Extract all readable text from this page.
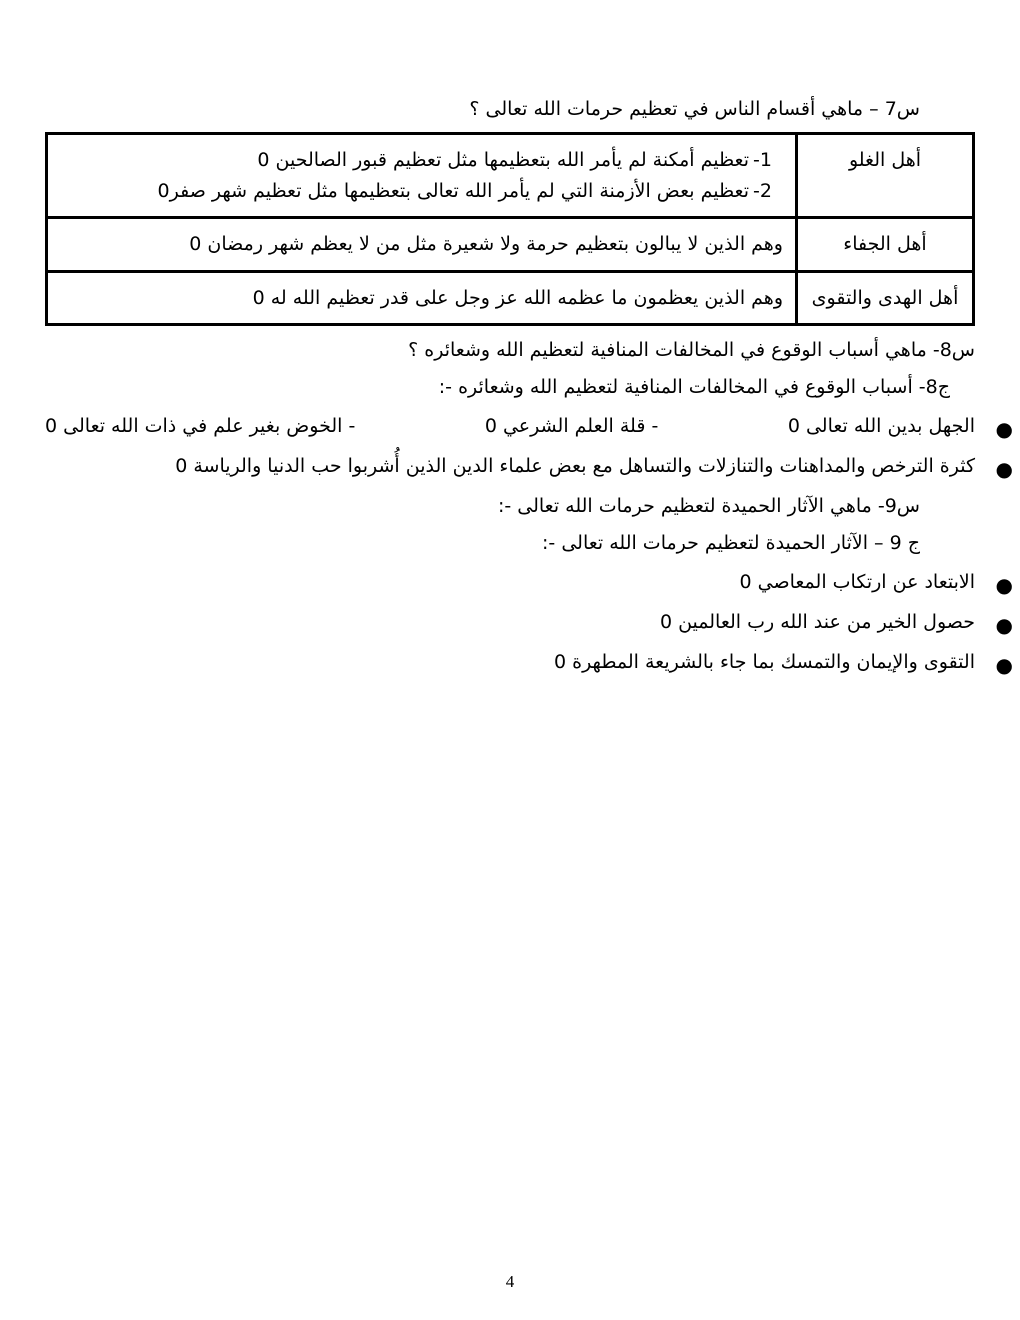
س7 – ماهي أقسام الناس في تعظيم حرمات الله تعالى ؟

أهل الغلو	-1
تعظيم أمكنة لم يأمر الله بتعظيمها مثل تعظيم قبور الصالحين 0
-2
تعظيم بعض الأزمنة التي لم يأمر الله تعالى بتعظيمها مثل تعظيم شهر صفر0

أهل الجفاء	وهم الذين لا يبالون بتعظيم حرمة ولا شعيرة مثل من لا يعظم شهر رمضان 0
أهل الهدى والتقوى	وهم الذين يعظمون ما عظمه الله عز وجل على قدر تعظيم الله له 0

س8- ماهي أسباب الوقوع في المخالفات المنافية لتعظيم الله وشعائره ؟

ج8- أسباب الوقوع في المخالفات المنافية لتعظيم الله وشعائره -:

●
الجهل بدين الله تعالى 0
- قلة العلم الشرعي 0
- الخوض بغير علم في ذات الله تعالى 0
●
كثرة الترخص والمداهنات والتنازلات والتساهل مع بعض علماء الدين الذين أُشربوا حب الدنيا والرياسة 0

س9- ماهي الآثار الحميدة لتعظيم حرمات الله تعالى -:

ج 9 – الآثار الحميدة لتعظيم حرمات الله تعالى -:

●
الابتعاد عن ارتكاب المعاصي 0
●
حصول الخير من عند الله رب العالمين 0
●
التقوى والإيمان والتمسك بما جاء بالشريعة المطهرة 0
4
